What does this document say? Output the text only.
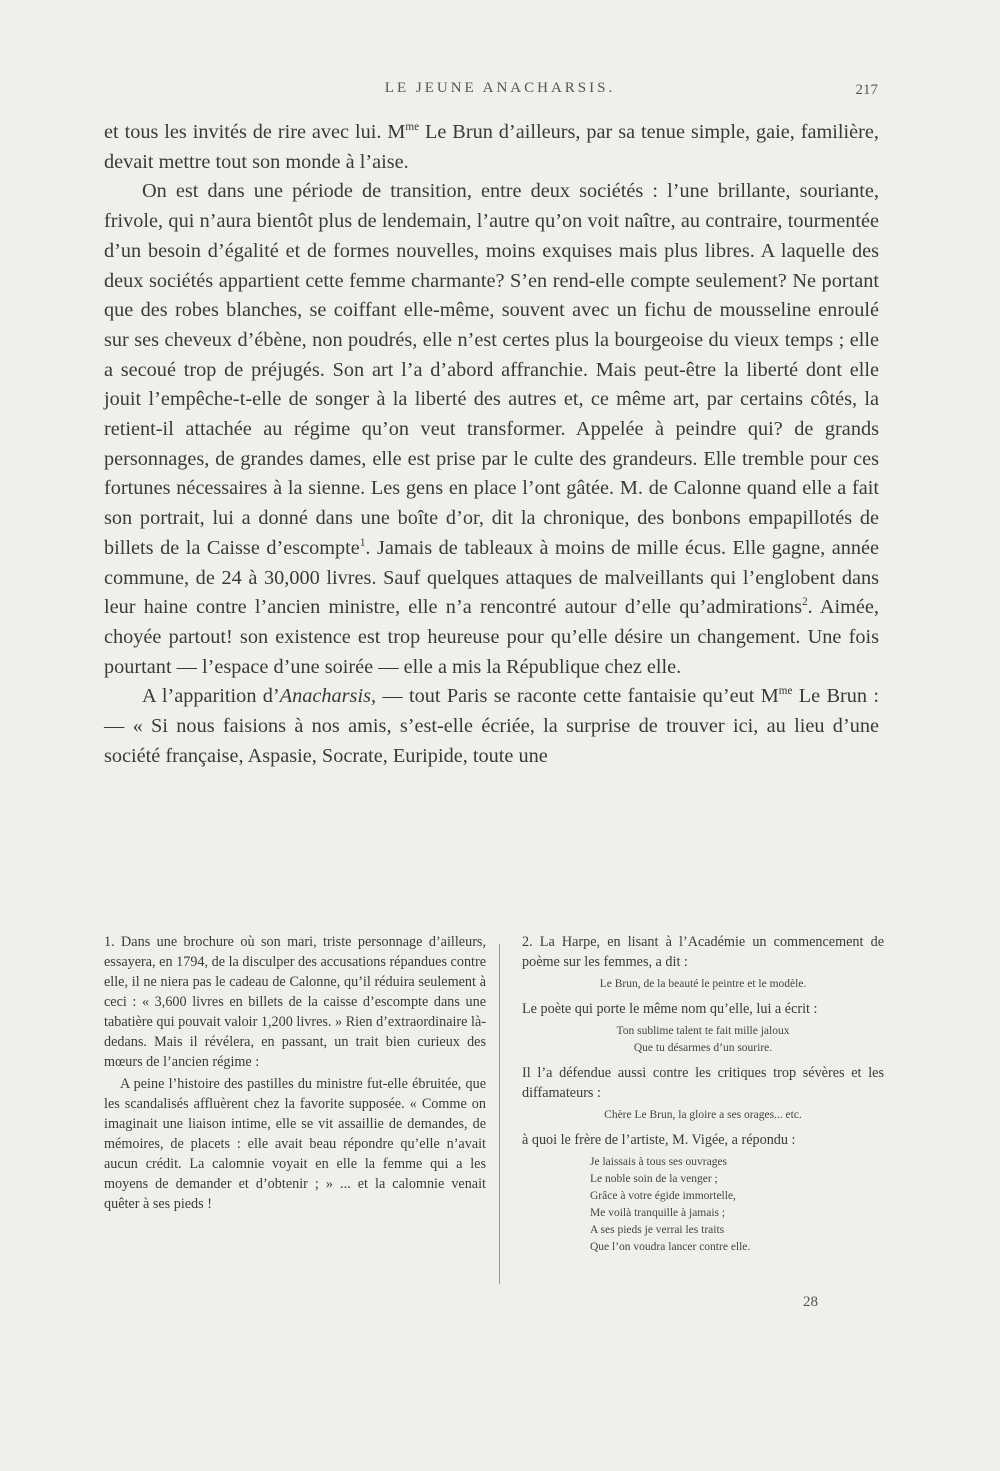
LE JEUNE ANACHARSIS.	217

et tous les invités de rire avec lui. $M^{me}$ Le Brun d’ailleurs, par sa tenue simple, gaie, familière, devait mettre tout son monde à l’aise.

On est dans une période de transition, entre deux sociétés : l’une brillante, souriante, frivole, qui n’aura bientôt plus de lendemain, l’autre qu’on voit naître, au contraire, tourmentée d’un besoin d’égalité et de formes nouvelles, moins exquises mais plus libres. A laquelle des deux sociétés appartient cette femme charmante? S’en rend-elle compte seulement? Ne portant que des robes blanches, se coiffant elle-même, souvent avec un fichu de mousseline enroulé sur ses cheveux d’ébène, non poudrés, elle n’est certes plus la bourgeoise du vieux temps ; elle a secoué trop de préjugés. Son art l’a d’abord affranchie. Mais peut-être la liberté dont elle jouit l’empêche-t-elle de songer à la liberté des autres et, ce même art, par certains côtés, la retient-il attachée au régime qu’on veut transformer. Appelée à peindre qui? de grands personnages, de grandes dames, elle est prise par le culte des grandeurs. Elle tremble pour ces fortunes nécessaires à la sienne. Les gens en place l’ont gâtée. M. de Calonne quand elle a fait son portrait, lui a donné dans une boîte d’or, dit la chronique, des bonbons empapillotés de billets de la Caisse d’escompte$^1$. Jamais de tableaux à moins de mille écus. Elle gagne, année commune, de 24 à 30,000 livres. Sauf quelques attaques de malveillants qui l’englobent dans leur haine contre l’ancien ministre, elle n’a rencontré autour d’elle qu’admirations$^2$. Aimée, choyée partout! son existence est trop heureuse pour qu’elle désire un changement. Une fois pourtant — l’espace d’une soirée — elle a mis la République chez elle.

A l’apparition d’Anacharsis, — tout Paris se raconte cette fantaisie qu’eut $M^{me}$ Le Brun : — « Si nous faisions à nos amis, s’est-elle écriée, la surprise de trouver ici, au lieu d’une société française, Aspasie, Socrate, Euripide, toute une

1. Dans une brochure où son mari, triste personnage d’ailleurs, essayera, en 1794, de la disculper des accusations répandues contre elle, il ne niera pas le cadeau de Calonne, qu’il réduira seulement à ceci : « 3,600 livres en billets de la caisse d’escompte dans une tabatière qui pouvait valoir 1,200 livres. » Rien d’extraordinaire là-dedans. Mais il révélera, en passant, un trait bien curieux des mœurs de l’ancien régime :

A peine l’histoire des pastilles du ministre fut-elle ébruitée, que les scandalisés affluèrent chez la favorite supposée. « Comme on imaginait une liaison intime, elle se vit assaillie de demandes, de mémoires, de placets : elle avait beau répondre qu’elle n’avait aucun crédit. La calomnie voyait en elle la femme qui a les moyens de demander et d’obtenir ; » ... et la calomnie venait quêter à ses pieds !

2. La Harpe, en lisant à l’Académie un commencement de poème sur les femmes, a dit :

Le Brun, de la beauté le peintre et le modèle.

Le poète qui porte le même nom qu’elle, lui a écrit :

Ton sublime talent te fait mille jaloux
Que tu désarmes d’un sourire.

Il l’a défendue aussi contre les critiques trop sévères et les diffamateurs :

Chère Le Brun, la gloire a ses orages... etc.

à quoi le frère de l’artiste, M. Vigée, a répondu :

Je laissais à tous ses ouvrages
Le noble soin de la venger ;
Grâce à votre égide immortelle,
Me voilà tranquille à jamais ;
A ses pieds je verrai les traits
Que l’on voudra lancer contre elle.
28
